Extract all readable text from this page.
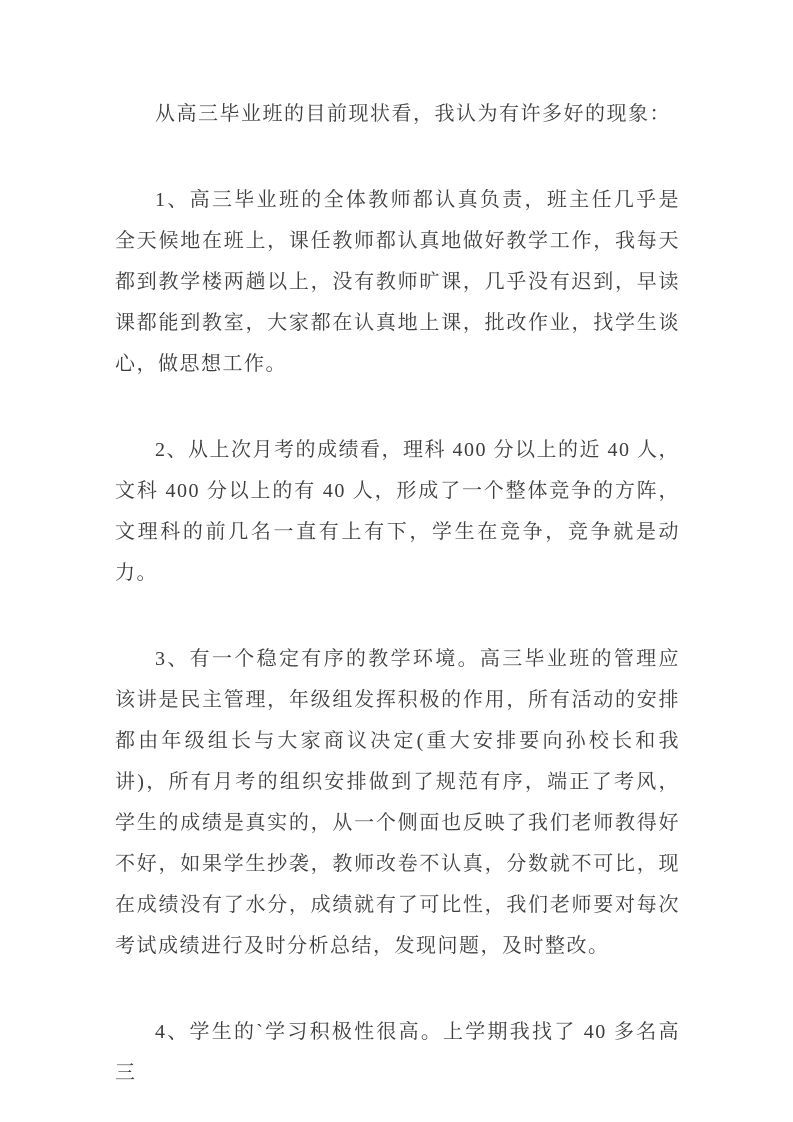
从高三毕业班的目前现状看，我认为有许多好的现象：

1、高三毕业班的全体教师都认真负责，班主任几乎是全天候地在班上，课任教师都认真地做好教学工作，我每天都到教学楼两趟以上，没有教师旷课，几乎没有迟到，早读课都能到教室，大家都在认真地上课，批改作业，找学生谈心，做思想工作。

2、从上次月考的成绩看，理科 400 分以上的近 40 人，文科 400 分以上的有 40 人，形成了一个整体竞争的方阵，文理科的前几名一直有上有下，学生在竞争，竞争就是动力。

3、有一个稳定有序的教学环境。高三毕业班的管理应该讲是民主管理，年级组发挥积极的作用，所有活动的安排都由年级组长与大家商议决定(重大安排要向孙校长和我讲)，所有月考的组织安排做到了规范有序，端正了考风，学生的成绩是真实的，从一个侧面也反映了我们老师教得好不好，如果学生抄袭，教师改卷不认真，分数就不可比，现在成绩没有了水分，成绩就有了可比性，我们老师要对每次考试成绩进行及时分析总结，发现问题，及时整改。

4、学生的`学习积极性很高。上学期我找了 40 多名高三
